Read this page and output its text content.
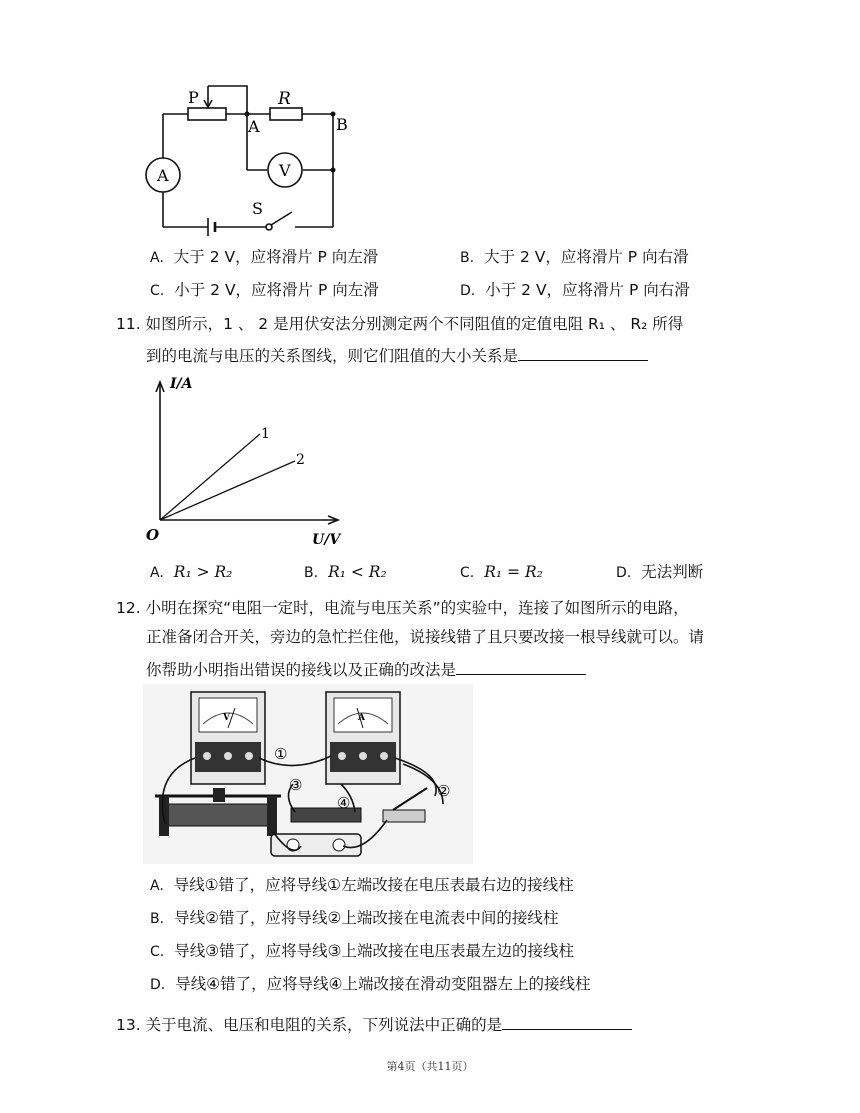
P	R
A	B
A	V
S
A. 大于 2 V，应将滑片 P 向左滑	B. 大于 2 V，应将滑片 P 向右滑
C. 小于 2 V，应将滑片 P 向左滑	D. 小于 2 V，应将滑片 P 向右滑
11. 如图所示，1 、 2 是用伏安法分别测定两个不同阻值的定值电阻 R₁ 、 R₂ 所得
到的电流与电压的关系图线，则它们阻值的大小关系是
I/A
U/V
O
1
2
A. R₁ > R₂	B. R₁ < R₂	C. R₁ = R₂	D. 无法判断
12. 小明在探究“电阻一定时，电流与电压关系”的实验中，连接了如图所示的电路，
正准备闭合开关，旁边的急忙拦住他，说接线错了且只要改接一根导线就可以。请
你帮助小明指出错误的接线以及正确的改法是
V	A
①
②
③
④
A. 导线①错了，应将导线①左端改接在电压表最右边的接线柱
B. 导线②错了，应将导线②上端改接在电流表中间的接线柱
C. 导线③错了，应将导线③上端改接在电压表最左边的接线柱
D. 导线④错了，应将导线④上端改接在滑动变阻器左上的接线柱
13. 关于电流、电压和电阻的关系，下列说法中正确的是
第4页（共11页）
